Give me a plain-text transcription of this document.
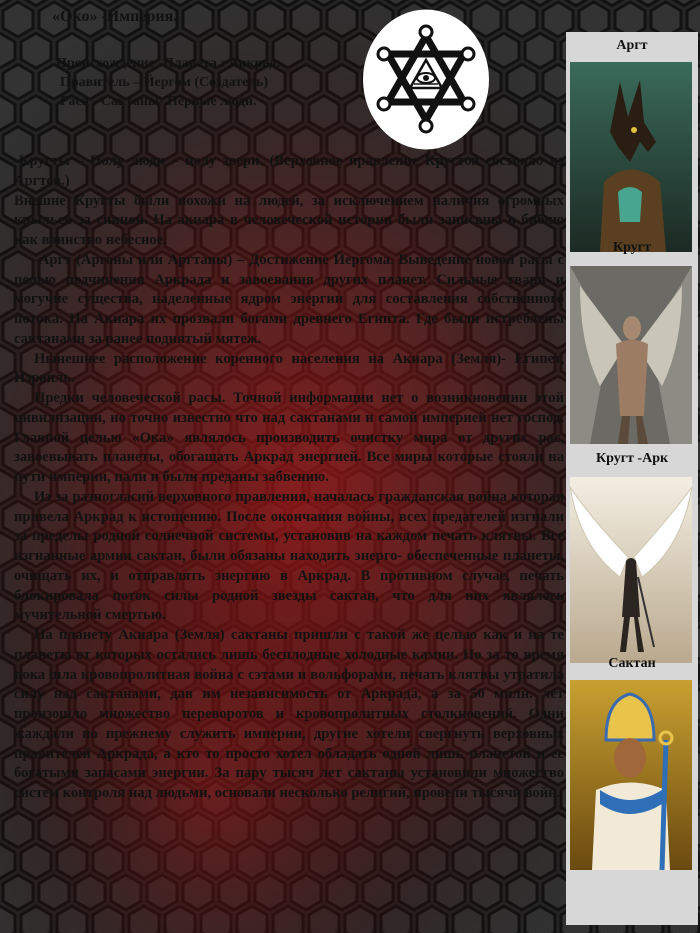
«Око» -Империя.
Происхождение -Планета : Аркрад.
Правитель – Йергом (Создатель)
Раса - Сактаны- Первые люди.

-Кругты – Полу люди – полу звери. (Верховное правление Кругтов состояло из Аргтов.)

Внешне Кругты были похожи на людей, за исключением наличия огромных крыльев за спиной. На акиара в человеческой истории были записаны в бибию как воинство небесное.

-Аргт (Аргоны или Аргтаны) – Достижение Йергома. Выведение новой расы с целью подчинения Аркрада и завоевания других планет. Сильные твари и могучие существа, наделенные ядром энергии для составления собственного потока. На Акиара их прозвали богами древнего Египта. Где были истреблены сактанами за ранее поднятый мятеж.

Нынешнее расположение коренного населения на Акиара (Земля)- Египет, Израиль.

Предки человеческой расы. Точной информации нет о возникновении этой цивилизации, но точно известно что над сактанами и самой империей нет господ. Главной целью «Ока» являлось производить очистку мира от других рас, завоевывать планеты, обогащать Аркрад энергией. Все миры которые стояли на пути империи, пали и были преданы забвению.

Из за разногласий верховного правления, началась гражданская война которая привела Аркрад к истощению. После окончания войны, всех предателей изгнали за пределы родной солнечной системы, установив на каждом печать клятвы. Все изгнанные армии сактан, были обязаны находить энерго- обеспеченные планеты, очищать их, и отправлять энергию в Аркрад. В противном случае, печать блокировала поток силы родной звезды сактан, что для них являлось мучительной смертью.

На планету Акиара (Земля) сактаны пришли с такой же целью как и на те планеты от которых остались лишь бесплодные холодные камни. Но за то время пока шла кровопролитная война с сэтами и вольфорами, печать клятвы утратила силу над сактанами, дав им независимость от Аркрада, а за 50 милн. лет произошло множество переворотов и кровопролитных столкновений. Одни жаждали по прежнему служить империи, другие хотели свергнуть верховных правителей Аркрада, а кто то просто хотел обладать одной лишь планетой и ее богатыми запасами энергии. За пару тысяч лет сактаны установили множество систем контроля над людьми, основали несколько религий, провели тысячи войн.

Аргт
Кругт
Кругт -Арк
Сактан
